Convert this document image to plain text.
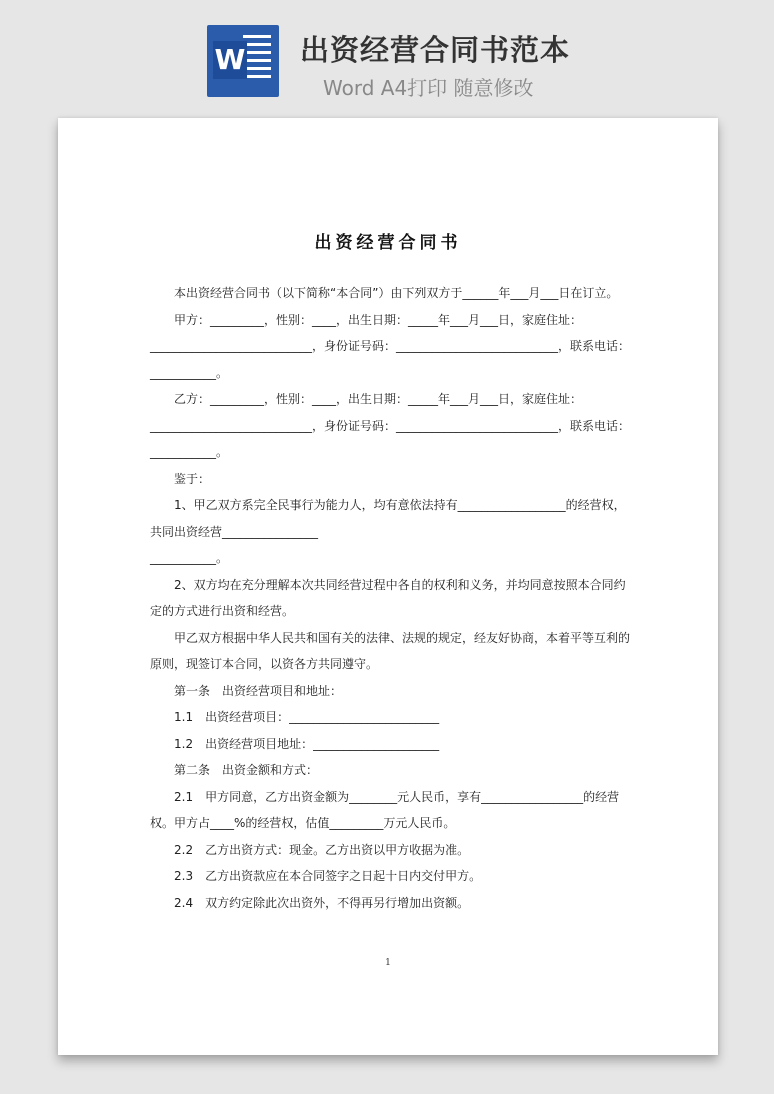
W 出资经营合同书范本
Word A4打印 随意修改
出资经营合同书

本出资经营合同书（以下简称“本合同”）由下列双方于______年___月___日在订立。

甲方：_________，性别：____，出生日期：_____年___月___日，家庭住址：___________________________，身份证号码：___________________________，联系电话：___________。

乙方：_________，性别：____，出生日期：_____年___月___日，家庭住址：___________________________，身份证号码：___________________________，联系电话：___________。

鉴于：

1、甲乙双方系完全民事行为能力人，均有意依法持有__________________的经营权，共同出资经营________________

___________。

2、双方均在充分理解本次共同经营过程中各自的权利和义务，并均同意按照本合同约定的方式进行出资和经营。

甲乙双方根据中华人民共和国有关的法律、法规的规定，经友好协商，本着平等互利的原则，现签订本合同，以资各方共同遵守。

第一条　出资经营项目和地址：

1.1　出资经营项目：_________________________

1.2　出资经营项目地址：_____________________

第二条　出资金额和方式：

2.1　甲方同意，乙方出资金额为________元人民币，享有_________________的经营权。甲方占____%的经营权，估值_________万元人民币。

2.2　乙方出资方式：现金。乙方出资以甲方收据为准。

2.3　乙方出资款应在本合同签字之日起十日内交付甲方。

2.4　双方约定除此次出资外，不得再另行增加出资额。

1
